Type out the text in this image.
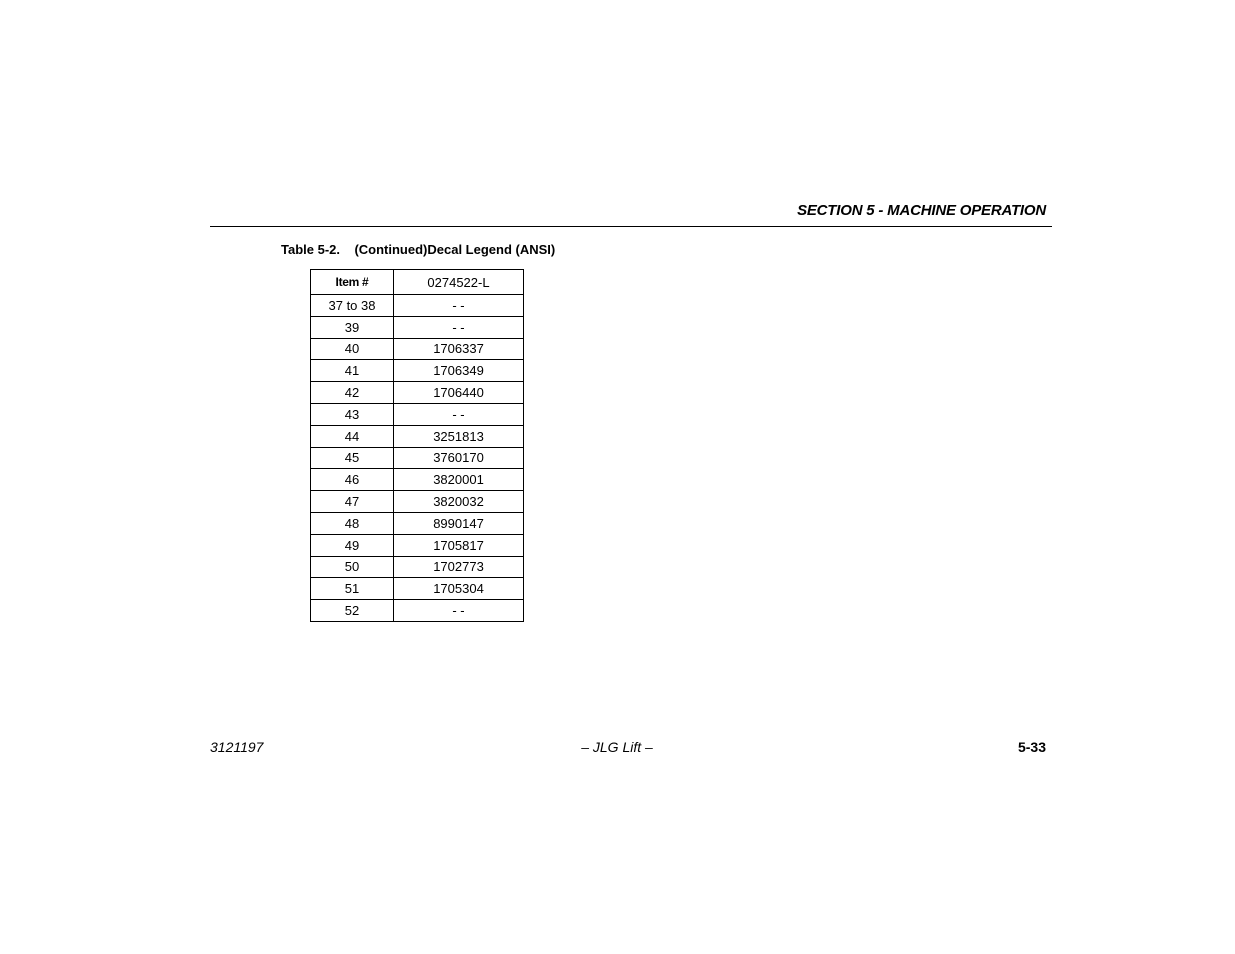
SECTION 5 - MACHINE OPERATION
Table 5-2.    (Continued)Decal Legend (ANSI)
Item #	0274522-L
37 to 38	- -
39	- -
40	1706337
41	1706349
42	1706440
43	- -
44	3251813
45	3760170
46	3820001
47	3820032
48	8990147
49	1705817
50	1702773
51	1705304
52	- -
3121197	– JLG Lift –	5-33
